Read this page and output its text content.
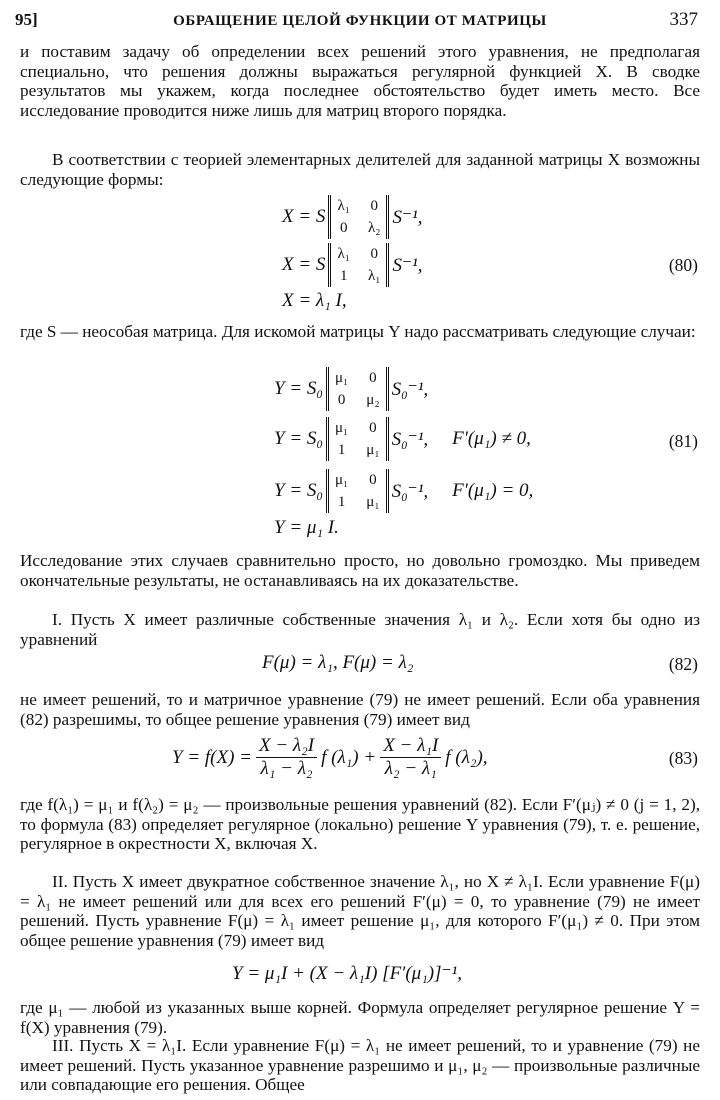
95]	ОБРАЩЕНИЕ ЦЕЛОЙ ФУНКЦИИ ОТ МАТРИЦЫ	337

и поставим задачу об определении всех решений этого уравнения, не предполагая специально, что решения должны выражаться регулярной функцией X. В сводке результатов мы укажем, когда последнее обстоятельство будет иметь место. Все исследование проводится ниже лишь для матриц второго порядка.

В соответствии с теорией элементарных делителей для заданной матрицы X возможны следующие формы:

X = S λ₁ 0
0 λ₂
S⁻¹,
X = S λ₁ 0
1 λ₁
S⁻¹,	(80)
X = λ₁ I,

где S — неособая матрица. Для искомой матрицы Y надо рассматривать следующие случаи:

Y = S₀ μ₁ 0
0 μ₂
S₀⁻¹,
Y = S₀ μ₁ 0
1 μ₁
S₀⁻¹, F′(μ₁) ≠ 0,	(81)
Y = S₀ μ₁ 0
1 μ₁
S₀⁻¹, F′(μ₁) = 0,
Y = μ₁ I.

Исследование этих случаев сравнительно просто, но довольно громоздко. Мы приведем окончательные результаты, не останавливаясь на их доказательстве.

I. Пусть X имеет различные собственные значения λ₁ и λ₂. Если хотя бы одно из уравнений

F(μ) = λ₁, F(μ) = λ₂	(82)

не имеет решений, то и матричное уравнение (79) не имеет решений. Если оба уравнения (82) разрешимы, то общее решение уравнения (79) имеет вид

$Y = f(X) = \frac{\text{X − λ₂I}}{\text{λ₁ − λ₂}}$ f $(\lambda_1) + \frac{\text{X − λ₁I}}{\text{λ₂ − λ₁}}$ f (λ₂),	(83)

где f(λ₁) = μ₁ и f(λ₂) = μ₂ — произвольные решения уравнений (82). Если F′(μⱼ) ≠ 0 (j = 1, 2), то формула (83) определяет регулярное (локально) решение Y уравнения (79), т. е. решение, регулярное в окрестности X, включая X.

II. Пусть X имеет двукратное собственное значение λ₁, но X ≠ λ₁I. Если уравнение F(μ) = λ₁ не имеет решений или для всех его решений F′(μ) = 0, то уравнение (79) не имеет решений. Пусть уравнение F(μ) = λ₁ имеет решение μ₁, для которого F′(μ₁) ≠ 0. При этом общее решение уравнения (79) имеет вид

Y = μ₁I + (X − λ₁I) [F′(μ₁)]⁻¹,

где μ₁ — любой из указанных выше корней. Формула определяет регулярное решение Y = f(X) уравнения (79).

III. Пусть X = λ₁I. Если уравнение F(μ) = λ₁ не имеет решений, то и уравнение (79) не имеет решений. Пусть указанное уравнение разрешимо и μ₁, μ₂ — произвольные различные или совпадающие его решения. Общее
